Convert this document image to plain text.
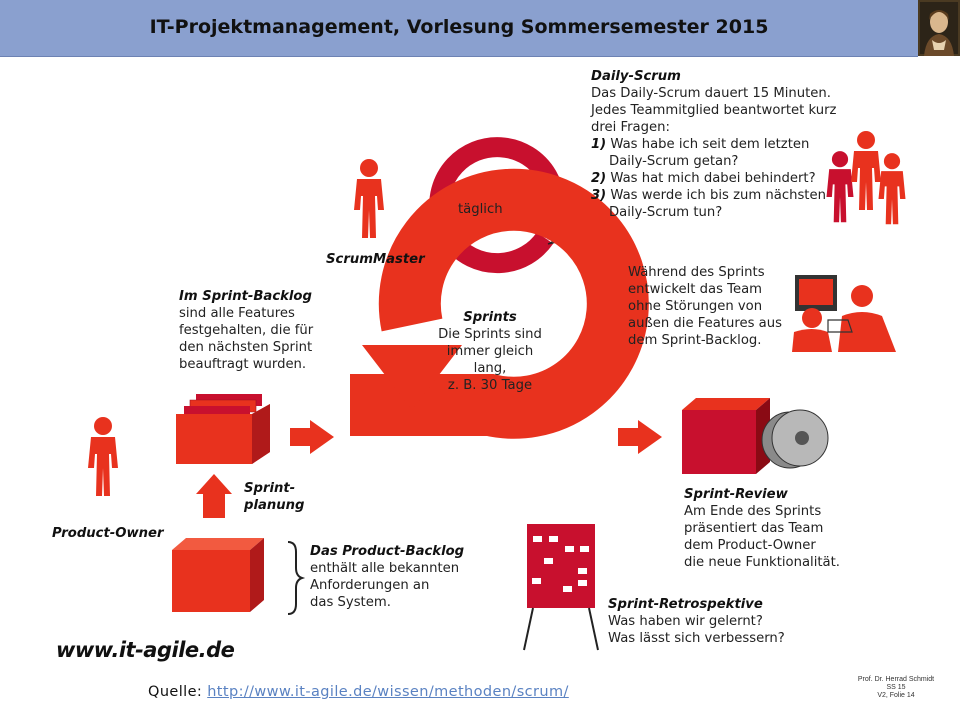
IT-Projektmanagement, Vorlesung Sommersemester 2015
Daily-Scrum
Das Daily-Scrum dauert 15 Minuten.
Jedes Teammitglied beantwortet kurz
drei Fragen:
1) Was habe ich seit dem letzten
Daily-Scrum getan?
2) Was hat mich dabei behindert?
3) Was werde ich bis zum nächsten
Daily-Scrum tun?
täglich
ScrumMaster
Sprints
Die Sprints sind
immer gleich
lang,
z. B. 30 Tage
Während des Sprints
entwickelt das Team
ohne Störungen von
außen die Features aus
dem Sprint-Backlog.
Im Sprint-Backlog
sind alle Features
festgehalten, die für
den nächsten Sprint
beauftragt wurden.
Sprint-
planung
Product-Owner
Das Product-Backlog
enthält alle bekannten
Anforderungen an
das System.
Sprint-Review
Am Ende des Sprints
präsentiert das Team
dem Product-Owner
die neue Funktionalität.
Sprint-Retrospektive
Was haben wir gelernt?
Was lässt sich verbessern?
www.it-agile.de
Quelle: http://www.it-agile.de/wissen/methoden/scrum/
Prof. Dr. Herrad Schmidt
SS 15
V2, Folie 14
